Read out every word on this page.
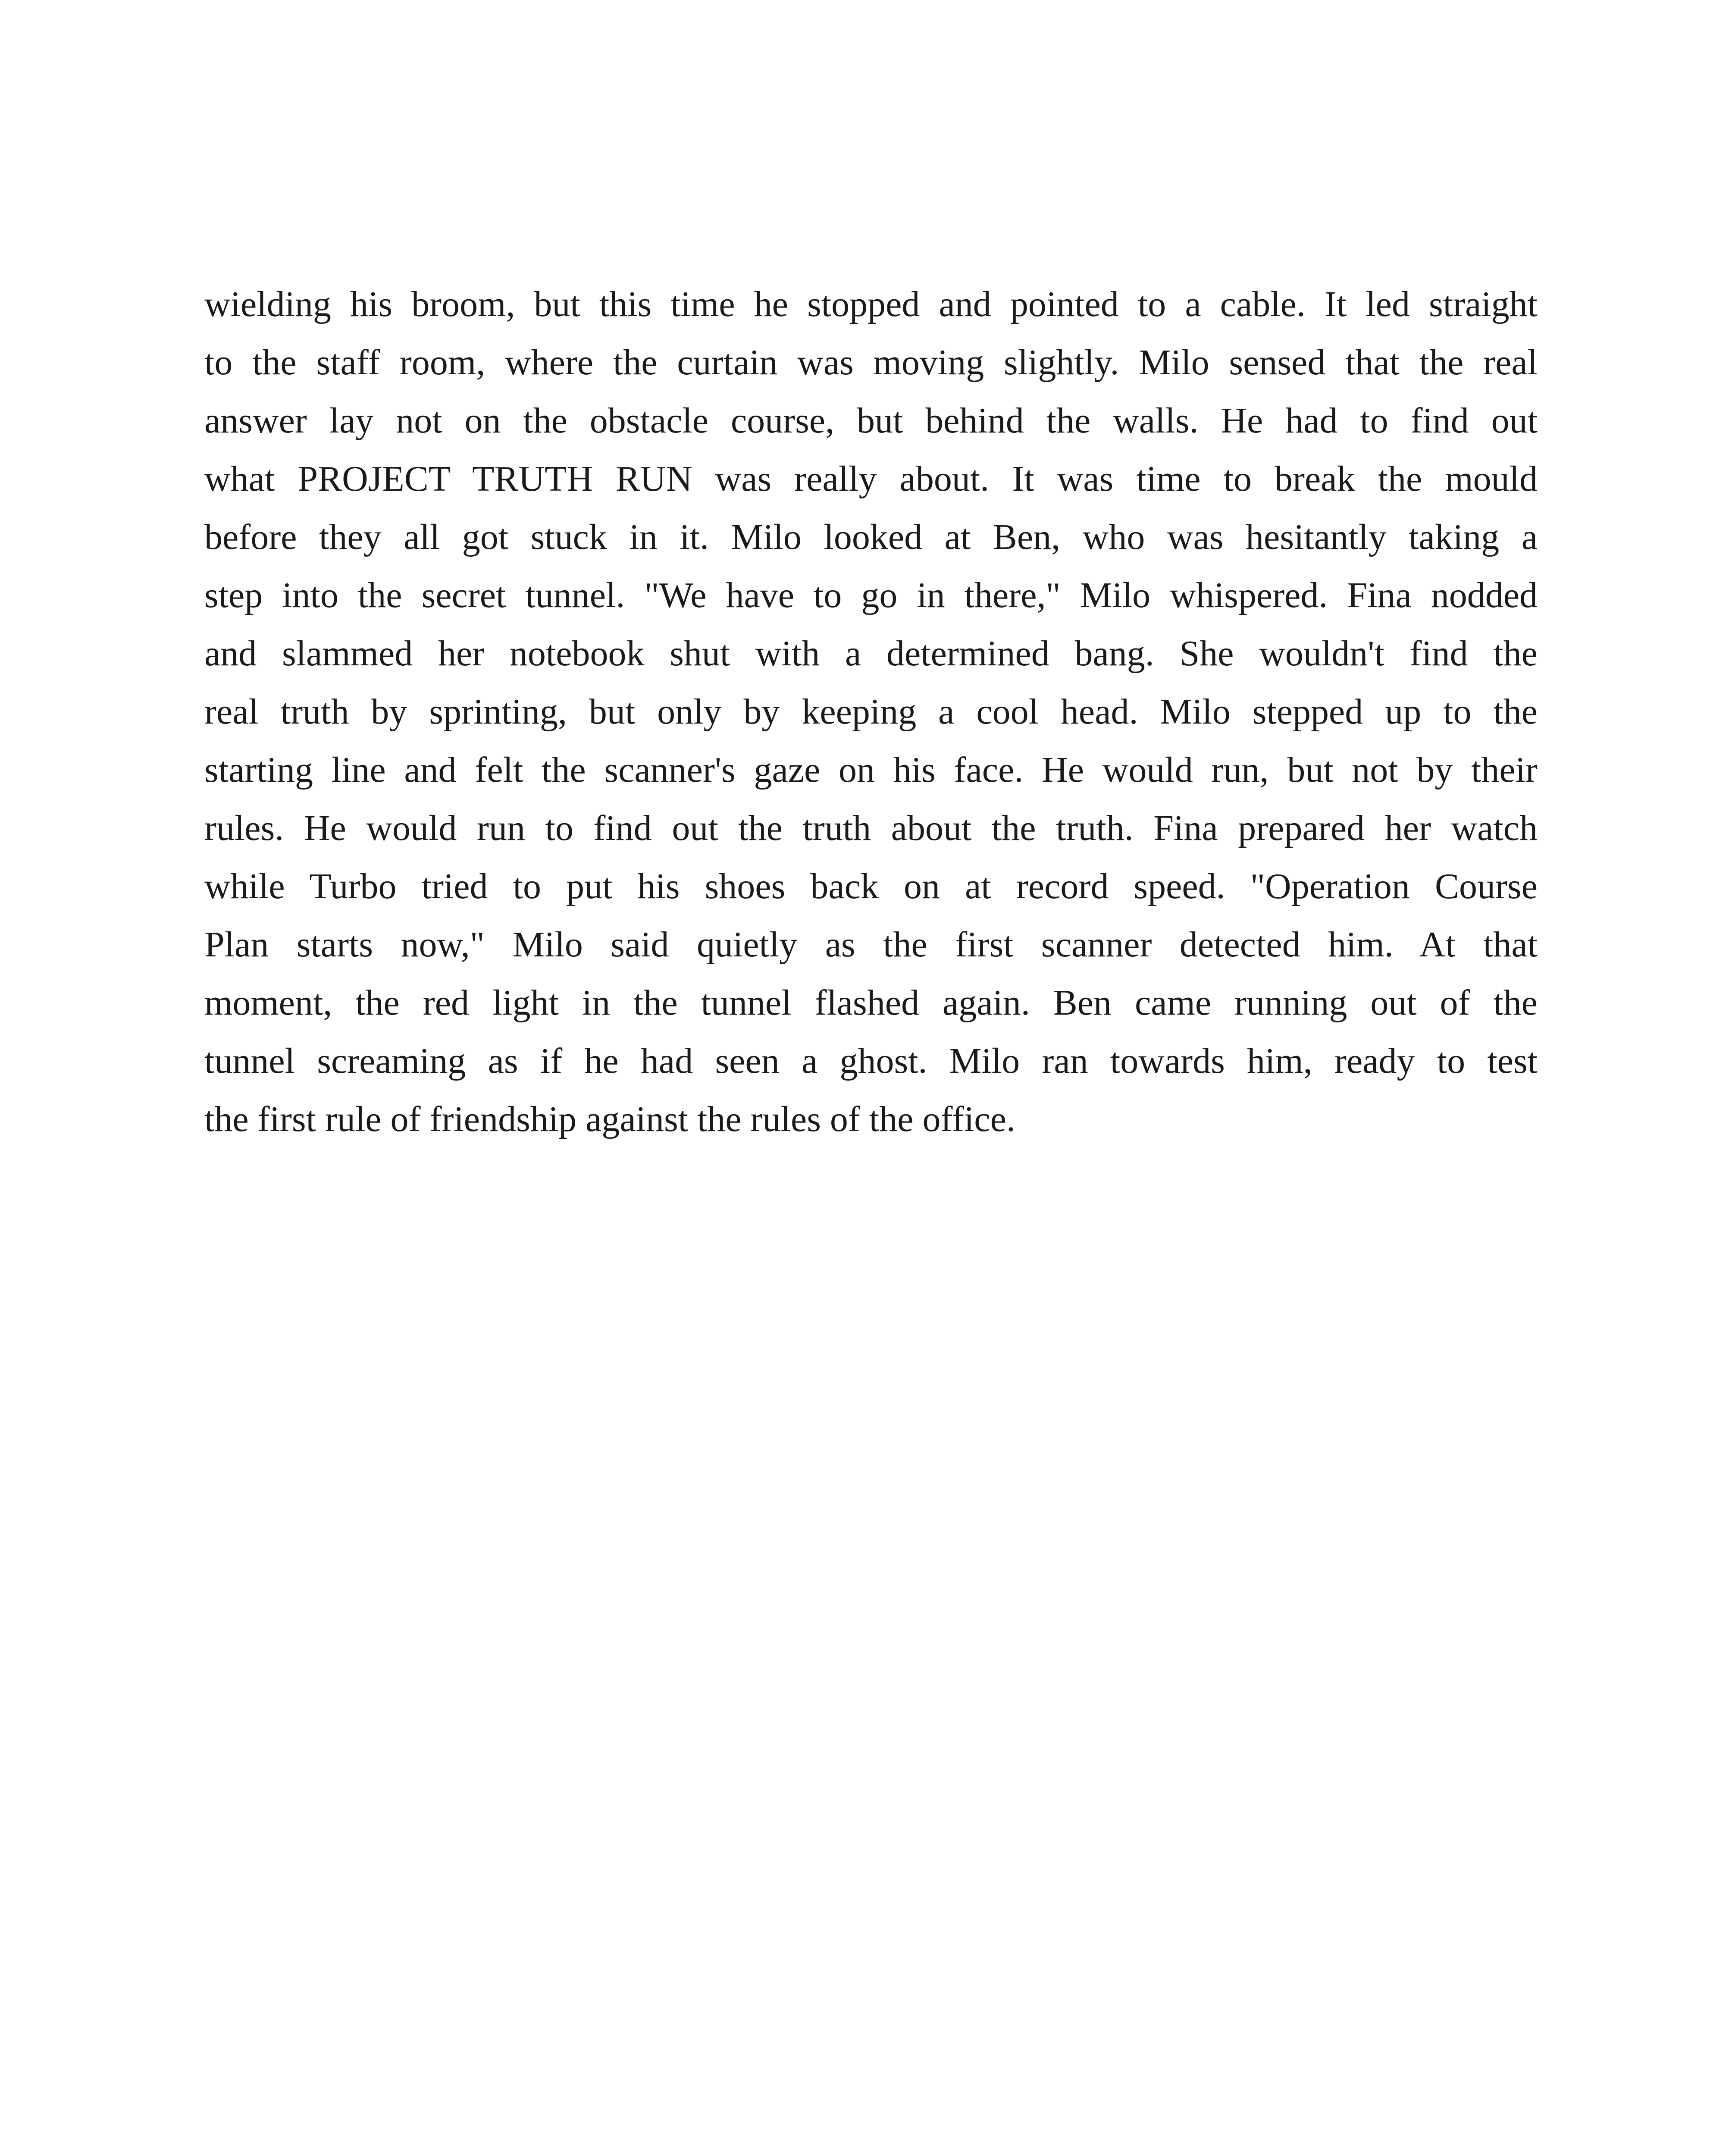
wielding his broom, but this time he stopped and pointed to a cable. It led straight
to the staff room, where the curtain was moving slightly. Milo sensed that the real
answer lay not on the obstacle course, but behind the walls. He had to find out
what PROJECT TRUTH RUN was really about. It was time to break the mould
before they all got stuck in it. Milo looked at Ben, who was hesitantly taking a
step into the secret tunnel. "We have to go in there," Milo whispered. Fina nodded
and slammed her notebook shut with a determined bang. She wouldn't find the
real truth by sprinting, but only by keeping a cool head. Milo stepped up to the
starting line and felt the scanner's gaze on his face. He would run, but not by their
rules. He would run to find out the truth about the truth. Fina prepared her watch
while Turbo tried to put his shoes back on at record speed. "Operation Course
Plan starts now," Milo said quietly as the first scanner detected him. At that
moment, the red light in the tunnel flashed again. Ben came running out of the
tunnel screaming as if he had seen a ghost. Milo ran towards him, ready to test
the first rule of friendship against the rules of the office.
